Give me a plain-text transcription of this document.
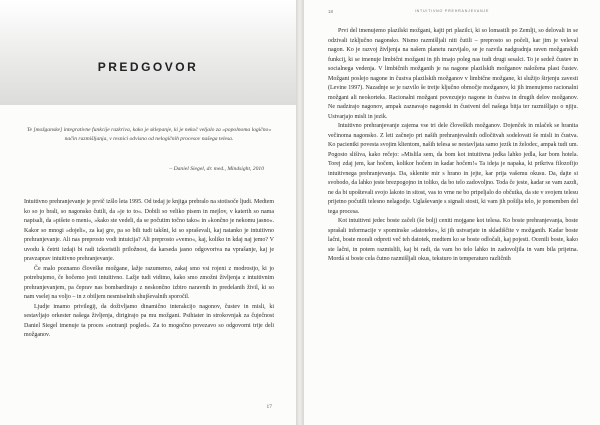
PREDGOVOR
Te [možganske] integrativne funkcije razkriva, kako je sklepanje, ki je nekoč veljalo za »popolnoma logično« način razmišljanja, v resnici odvisno od nelogičnih procesov našega telesa.
– Daniel Siegel, dr. med., Mindsight, 2010

Intuitivno prehranjevanje je prvič izšlo leta 1995. Od tedaj je knjiga prebralo na stotisoče ljudi. Medtem ko so jo brali, so nagonsko čutili, da »je to to«. Dobili so veliko pisem in mejlov, v katerih so nama napisali, da »pišete o meni«, »kako ste vedeli, da se počutim točno tako« in »končno je nekomu jasno«. Kakor so mnogi »dojeli«, za kaj gre, pa so bili tudi takšni, ki so spraševali, kaj natanko je intuitivno prehranjevanje. Ali nas preprosto vodi intuicija? Ali preprosto »vemo«, kaj, koliko in kdaj naj jemo? V uvodu k četrti izdaji bi radi izkoristili priložnost, da karseda jasno odgovoriva na vprašanje, kaj je pravzaprav intuitivno prehranjevanje.

Če malo poznamo človeške možgane, lažje razumemo, zakaj smo vsi rojeni z modrostjo, ki jo potrebujemo, če hočemo jesti intuitivno. Lažje tudi vidimo, kako smo zmožni življenja z intuitivnim prehranjevanjem, pa čeprav nas bombardirajo z neskončno izbiro naravnih in predelanih živil, ki so nam vselej na voljo – in z obiljem nesmiselnih shujševalnih sporočil.

Ljudje imamo privilegij, da doživljamo dinamično interakcijo nagonov, čustev in misli, ki sestavljajo orkester našega življenja, dirigirajo pa mu možgani. Psihiater in strokovnjak za čuječnost Daniel Siegel imenuje ta proces »notranji pogled«. Za to mogočno povezavo so odgovorni trije deli možganov.

17
18	INTUITIVNO PREHRANJEVANJE

Prvi del imenujemo plazilski možgani, kajti pri plazilci, ki so lomastili po Zemlji, so delovali in se odzivali izključno nagonsko. Nismo razmišljali niti čutili – preprosto so počeli, kar jim je veleval nagon. Ko je razvoj življenja na našem planetu razvijalo, se je razvila nadgradnja raven možganskih funkcij, ki se imenuje limbični možgani in jih imajo poleg nas tudi drugi sesalci. To je sedež čustev in socialnega vedenja. V limbičnih možganih je na nagone plazilskih možganov naložena plast čustev. Možgani poslejo nagone in čustva plazilskih možganov v limbične možgane, ki služijo širjenju zavesti (Levine 1997). Nazadnje se je razvilo še tretje ključno območje možganov, ki jih imenujemo racionalni možgani ali neokorteks. Racionalni možgani povezujejo nagone in čustva in drugih delov možganov. Ne nadzirajo nagonov, ampak zaznavajo nagonski in čustveni del našega bitja ter razmišljajo o njiju. Ustvarjajo misli in jezik.

Intuitivno prehranjevanje zajema vse tri dele človeških možganov. Dojenček in mlaček se hranita večinoma nagonsko. Z leti začnejo pri naših prehranjevalnih odločitvah sodelovati še misli in čustva. Ko pacientki povesta svojim klientom, naših telesa se nestavljata samo jezik in želodec, ampak tudi um. Pogosto slišiva, kako rečejo: »Mislila sem, da bom kot intuitivna jedka lahko jedla, kar bom hotela. Torej zdaj jem, kar hočem, kolikor hočem in kadar hočem!« Ta ideja je napaka, ki prikriva filozofijo intuitivnega prehranjevanja. Da, sklenite mir s hrano in jejte, kar prija vašemu okusu. Da, dajte si svobodo, da lahko jeste brezpogojno in toliko, da bo telo zadovoljno. Toda če jeste, kadar se vam zazdi, ne da bi upoštevali svojo lakoto in sitost, vas to vrne ne bo pripeljalo do občutka, da ste v svojem telesu prijetno počutili telesno nelagodje. Uglaševanje s signali stosti, ki vam jih pošilja telo, je pomemben del tega procesa.

Kot intuitivni jedec boste začeli (še bolj) ceniti mojgane kot telesa. Ko boste prehranjevanja, boste sprašali informacije v spominske »datoteke«, ki jih ustvarjate in skladiščite v možganih. Kadar boste lačni, boste morali odpreti več teh datotek, medtem ko se boste odločali, kaj pojesti. Ocenili boste, kako ste lačni, in potem razmislili, kaj bi radi, da vam bo telo lahko in zadovoljila in vam bila prijetna. Mordá si boste cela čutno razmišljali okus, teksturo in temperaturo različnih
